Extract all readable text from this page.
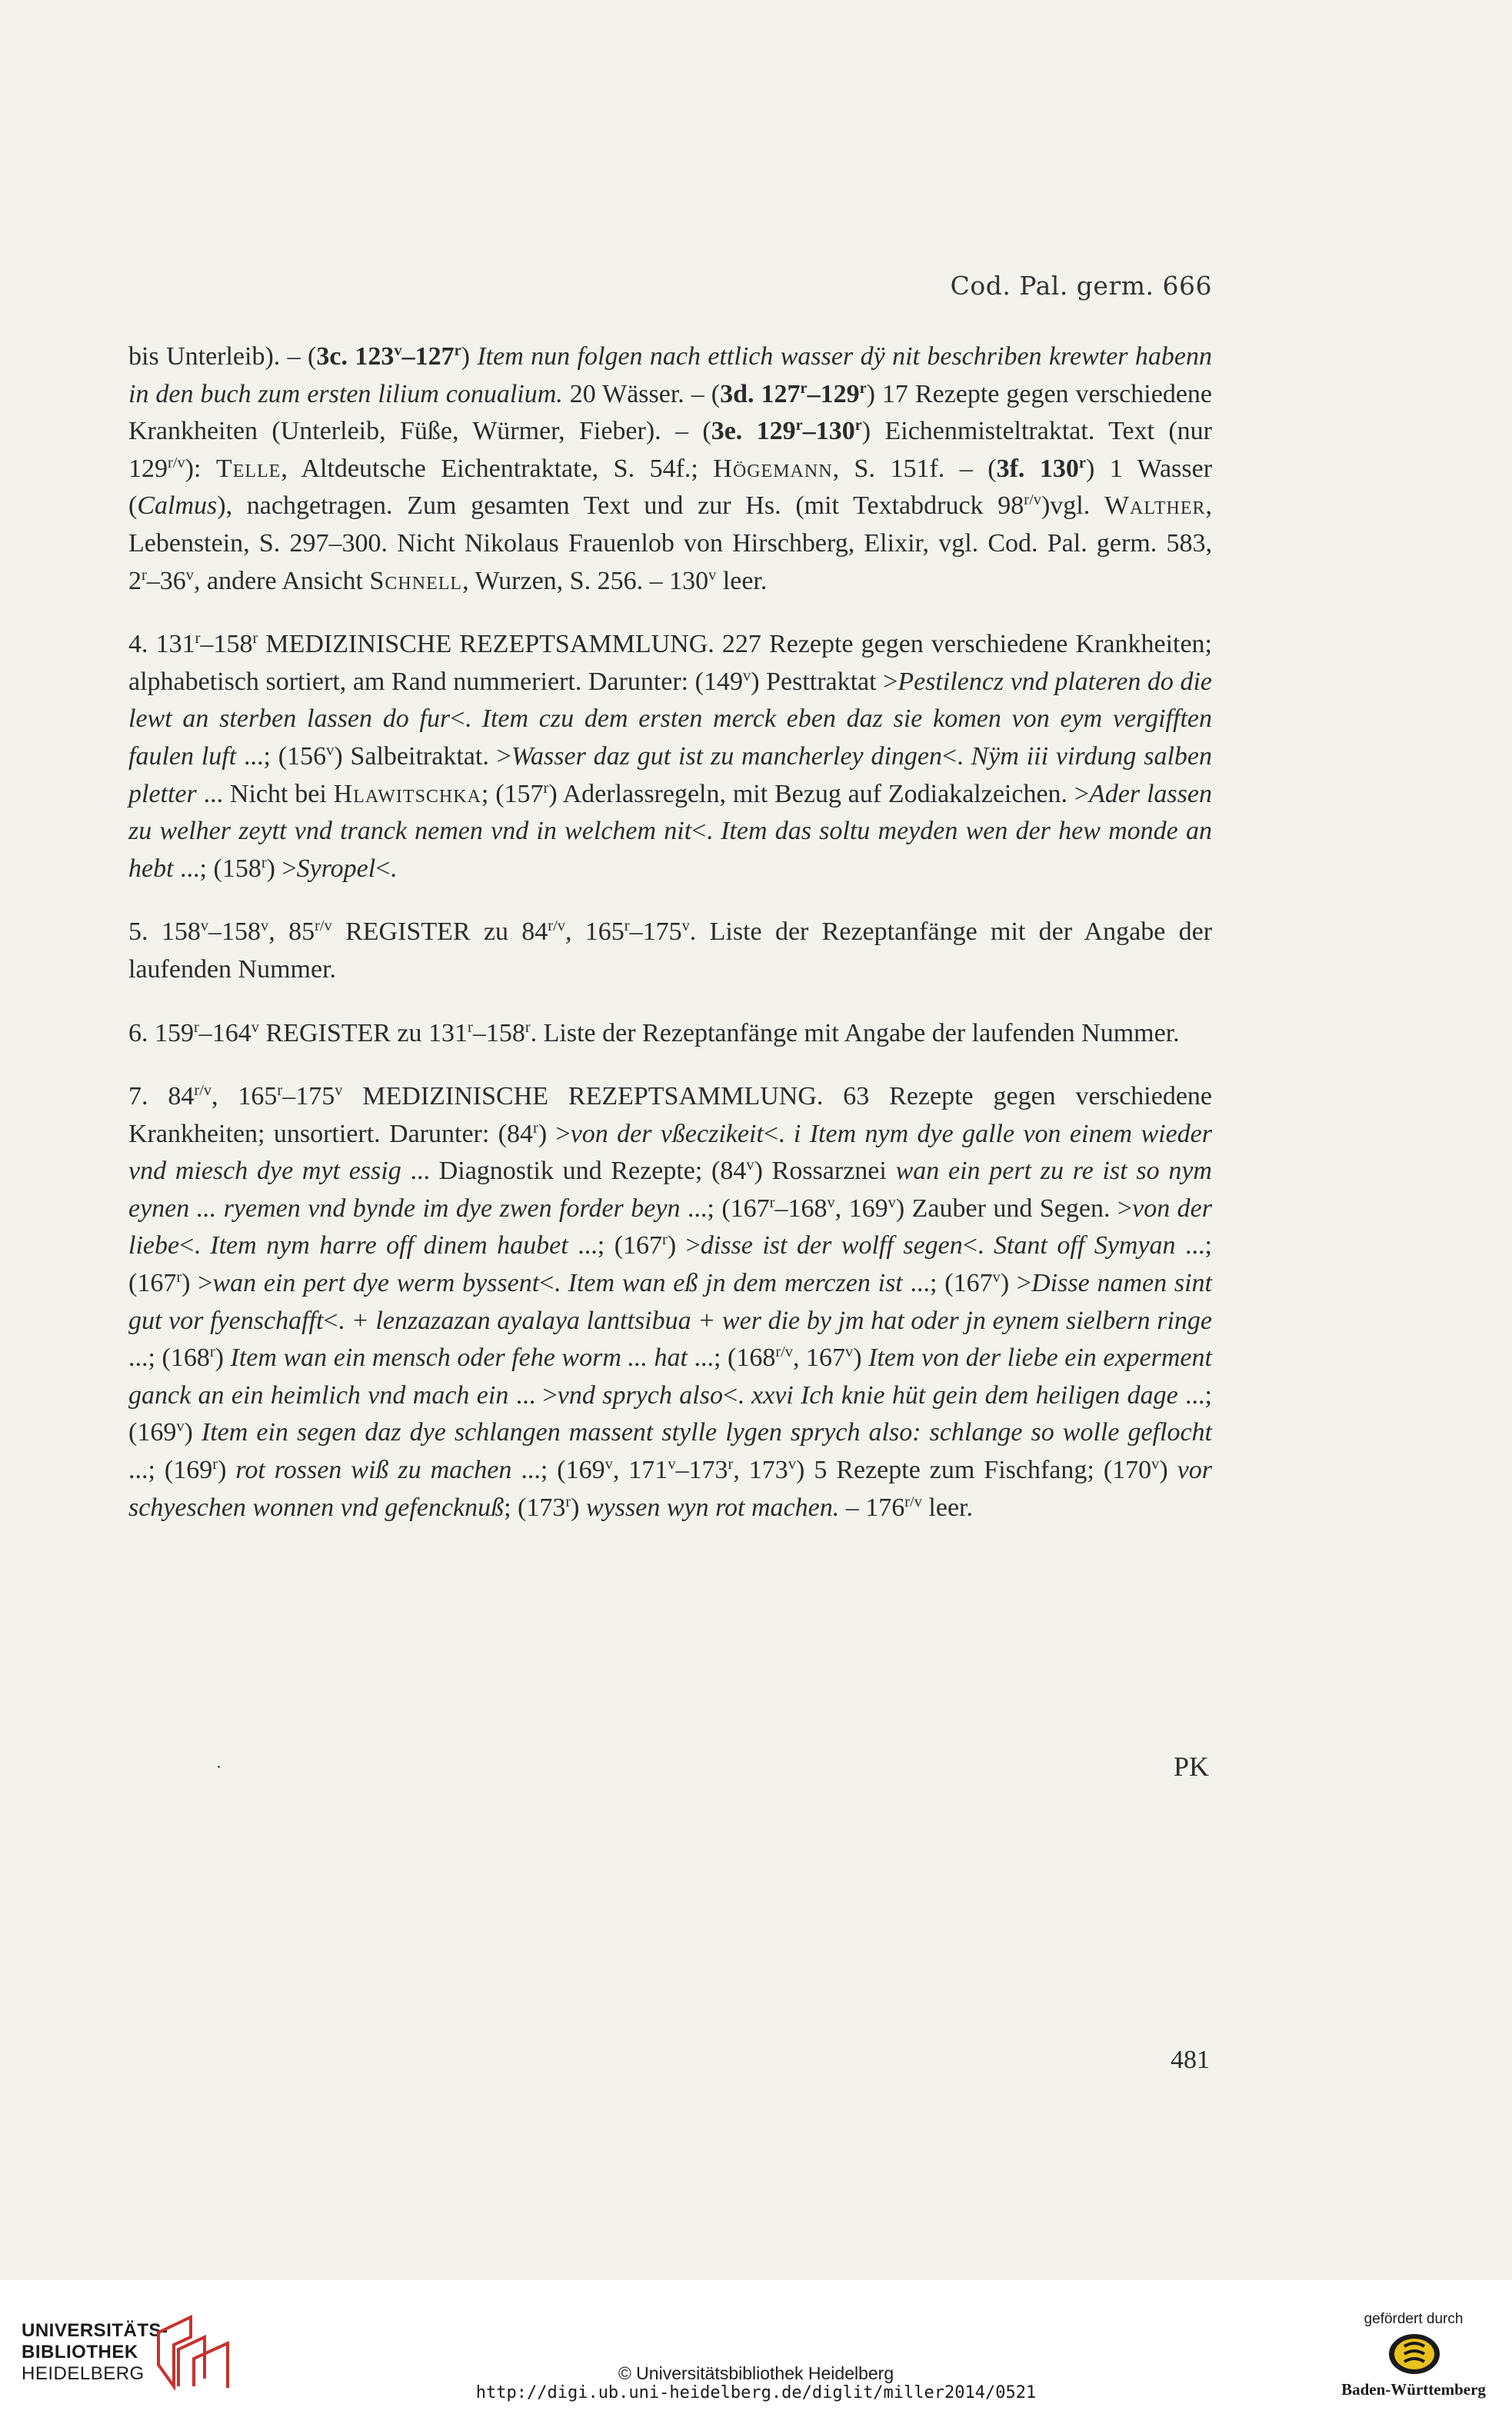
Cod. Pal. germ. 666

bis Unterleib). – (3c. 123$^v$–127$^r$) Item nun folgen nach ettlich wasser dÿ nit beschriben krewter habenn in den buch zum ersten lilium conualium. 20 Wässer. – (3d. 127$^r$–129$^r$) 17 Rezepte gegen verschiedene Krankheiten (Unterleib, Füße, Würmer, Fieber). – (3e. 129$^r$–130$^r$) Eichenmisteltraktat. Text (nur $129^{r/v}$): Telle, Altdeutsche Eichentraktate, S. 54f.; Högemann, S. 151f. – (3f. 130$^r$) 1 Wasser (Calmus), nachgetragen. Zum gesamten Text und zur Hs. (mit Textabdruck $98^{r/v})vgl$. Walther, Lebenstein, S. 297–300. Nicht Nikolaus Frauenlob von Hirschberg, Elixir, vgl. Cod. Pal. germ. 583, 2$^r$–36$^v$, andere Ansicht Schnell, Wurzen, S. 256. – 130$^v$ leer.

4. 131$^r$–158$^r$ MEDIZINISCHE REZEPTSAMMLUNG. 227 Rezepte gegen verschiedene Krankheiten; alphabetisch sortiert, am Rand nummeriert. Darunter: (149$^v$) Pesttraktat >Pestilencz vnd plateren do die lewt an sterben lassen do fur<. Item czu dem ersten merck eben daz sie komen von eym vergifften faulen luft ...; (156$^v$) Salbeitraktat. >Wasser daz gut ist zu mancherley dingen<. Nÿm iii virdung salben pletter ... Nicht bei Hlawitschka; (157$^r$) Aderlassregeln, mit Bezug auf Zodiakalzeichen. >Ader lassen zu welher zeytt vnd tranck nemen vnd in welchem nit<. Item das soltu meyden wen der hew monde an hebt ...; $(158^r)$ >Syropel<.

5. 158$^v$–158$^v$, $85^{r/v}$ REGISTER zu $84^{r/v}$, 165$^r$–175$^v$. Liste der Rezeptanfänge mit der Angabe der laufenden Nummer.

6. 159$^r$–164$^v$ REGISTER zu 131$^r$–158$^r$. Liste der Rezeptanfänge mit Angabe der laufenden Nummer.

7. $84^{r/v}$, 165$^r$–175$^v$ MEDIZINISCHE REZEPTSAMMLUNG. 63 Rezepte gegen verschiedene Krankheiten; unsortiert. Darunter: $(84^r) >von$ der vßeczikeit<. i Item nym dye galle von einem wieder vnd miesch dye myt essig ... Diagnostik und Rezepte; (84$^v$) Rossarznei wan ein pert zu re ist so nym eynen ... ryemen vnd bynde im dye zwen forder beyn ...; (167$^r$–168$^v$, 169$^v$) Zauber und Segen. >von der liebe<. Item nym harre off dinem haubet ...; $(167^r)$ >disse ist der wolff segen<. Stant off Symyan ...; $(167^r) >wan$ ein pert dye werm byssent<. Item wan eß jn dem merczen ist ...; $(167^v)$ >Disse namen sint gut vor fyenschafft<. + lenzazazan ayalaya lanttsibua + wer die by jm hat oder jn eynem sielbern ringe ...; (168$^r$) Item wan ein mensch oder fehe worm ... hat ...; ($168^{r/v}$, 167$^v$) Item von der liebe ein experment ganck an ein heimlich vnd mach ein ... >vnd sprych also<. xxvi Ich knie hüt gein dem heiligen dage ...; (169$^v$) Item ein segen daz dye schlangen massent stylle lygen sprych also: schlange so wolle geflocht ...; (169$^r$) rot rossen wiß zu machen ...; (169$^v$, 171$^v$–173$^r$, 173$^v$) 5 Rezepte zum Fischfang; (170$^v$) vor schyeschen wonnen vnd gefencknuß; (173$^r$) wyssen wyn rot machen. – $176^{r/v}$ leer.

PK
481
UNIVERSITÄTS-
BIBLIOTHEK
HEIDELBERG	© Universitätsbibliothek Heidelberg
http://digi.ub.uni-heidelberg.de/diglit/miller2014/0521
gefördert durch
Baden-Württemberg
